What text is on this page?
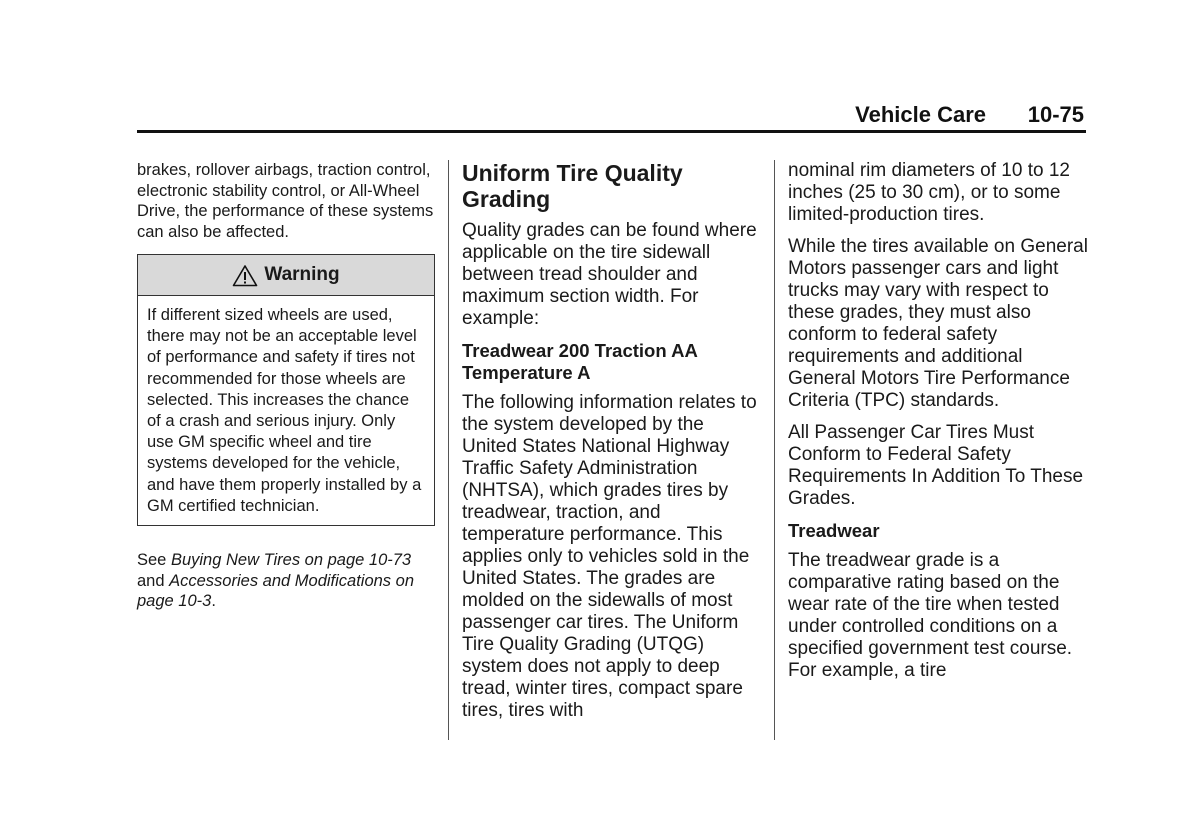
Vehicle Care 10-75

brakes, rollover airbags, traction control, electronic stability control, or All-Wheel Drive, the performance of these systems can also be affected.

Warning
If different sized wheels are used, there may not be an acceptable level of performance and safety if tires not recommended for those wheels are selected. This increases the chance of a crash and serious injury. Only use GM specific wheel and tire systems developed for the vehicle, and have them properly installed by a GM certified technician.
See Buying New Tires on page 10-73 and Accessories and Modifications on page 10-3.

Uniform Tire Quality Grading

Quality grades can be found where applicable on the tire sidewall between tread shoulder and maximum section width. For example:

Treadwear 200 Traction AA Temperature A

The following information relates to the system developed by the United States National Highway Traffic Safety Administration (NHTSA), which grades tires by treadwear, traction, and temperature performance. This applies only to vehicles sold in the United States. The grades are molded on the sidewalls of most passenger car tires. The Uniform Tire Quality Grading (UTQG) system does not apply to deep tread, winter tires, compact spare tires, tires with

nominal rim diameters of 10 to 12 inches (25 to 30 cm), or to some limited-production tires.

While the tires available on General Motors passenger cars and light trucks may vary with respect to these grades, they must also conform to federal safety requirements and additional General Motors Tire Performance Criteria (TPC) standards.

All Passenger Car Tires Must Conform to Federal Safety Requirements In Addition To These Grades.

Treadwear

The treadwear grade is a comparative rating based on the wear rate of the tire when tested under controlled conditions on a specified government test course. For example, a tire
